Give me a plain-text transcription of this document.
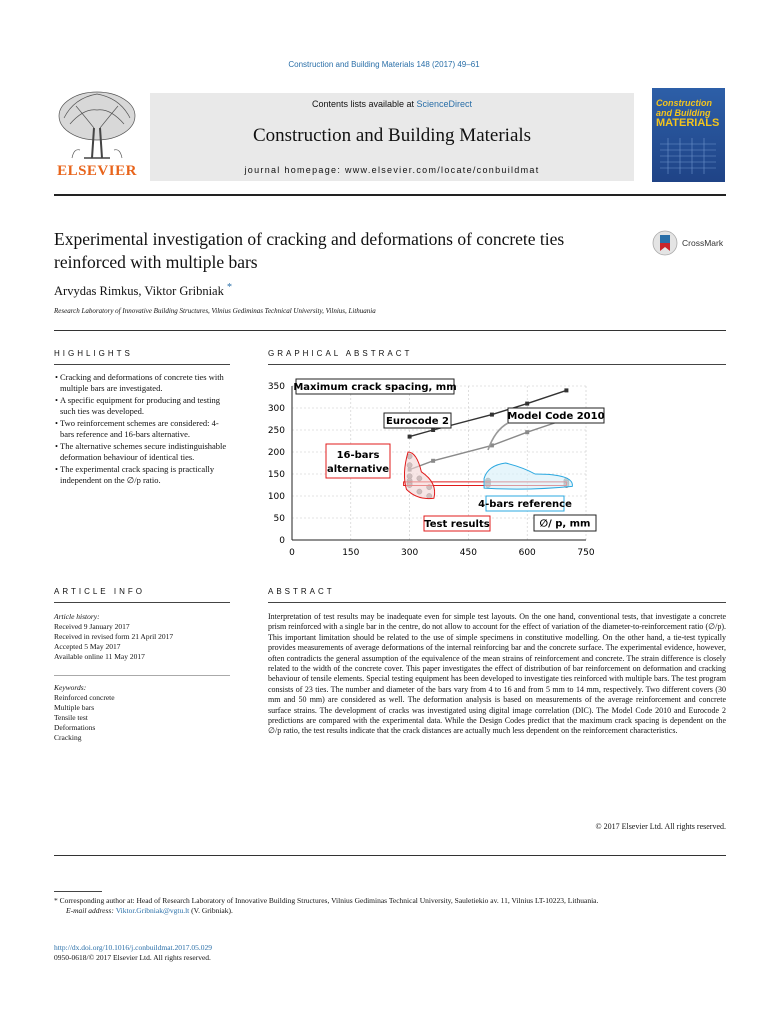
Construction and Building Materials 148 (2017) 49–61
ELSEVIER
Contents lists available at ScienceDirect
Construction and Building Materials
journal homepage: www.elsevier.com/locate/conbuildmat
Construction
and Building
MATERIALS
Experimental investigation of cracking and deformations of concrete ties
reinforced with multiple bars
CrossMark
Arvydas Rimkus, Viktor Gribniak *
Research Laboratory of Innovative Building Structures, Vilnius Gediminas Technical University, Vilnius, Lithuania
HIGHLIGHTS
• Cracking and deformations of concrete ties with multiple bars are investigated.
• A specific equipment for producing and testing such ties was developed.
• Two reinforcement schemes are considered: 4-bars reference and 16-bars alternative.
• The alternative schemes secure indistinguishable deformation behaviour of identical ties.
• The experimental crack spacing is practically independent on the ∅/p ratio.
GRAPHICAL ABSTRACT
0	150	300	450	600	750
0
50
100
150
200
250
300
350 Maximum crack spacing, mm
Eurocode 2	Model Code 2010
16-bars
alternative
4-bars reference
Test results	∅/ p, mm
ARTICLE INFO
Article history:
Received 9 January 2017
Received in revised form 21 April 2017
Accepted 5 May 2017
Available online 11 May 2017
Keywords:
Reinforced concrete
Multiple bars
Tensile test
Deformations
Cracking
ABSTRACT
Interpretation of test results may be inadequate even for simple test layouts. On the one hand, conventional tests, that investigate a concrete prism reinforced with a single bar in the centre, do not allow to account for the effect of variation of the diameter-to-reinforcement ratio (∅/p). This important limitation should be related to the use of simple specimens in constitutive modelling. On the other hand, a tie-test typically provides measurements of average deformations of the internal reinforcing bar and the concrete surface. The experimental evidence, however, often contradicts the general assumption of the equivalence of the mean strains of reinforcement and concrete. The strain difference is closely related to the width of the concrete cover. This paper investigates the effect of distribution of bar reinforcement on deformation and cracking behaviour of tensile elements. Special testing equipment has been developed to investigate ties reinforced with multiple bars. The test program consists of 23 ties. The number and diameter of the bars vary from 4 to 16 and from 5 mm to 14 mm, respectively. Two different covers (30 mm and 50 mm) are considered as well. The deformation analysis is based on measurements of the average reinforcement and concrete surface strains. The development of cracks was investigated using digital image correlation (DIC). The Model Code 2010 and Eurocode 2 predictions are compared with the experimental data. While the Design Codes predict that the maximum crack spacing is dependent on the ∅/p ratio, the test results indicate that the crack distances are actually much less dependent on the reinforcement characteristics.
© 2017 Elsevier Ltd. All rights reserved.
* Corresponding author at: Head of Research Laboratory of Innovative Building Structures, Vilnius Gediminas Technical University, Sauletiekio av. 11, Vilnius LT-10223, Lithuania.
E-mail address: Viktor.Gribniak@vgtu.lt (V. Gribniak).
http://dx.doi.org/10.1016/j.conbuildmat.2017.05.029
0950-0618/© 2017 Elsevier Ltd. All rights reserved.
